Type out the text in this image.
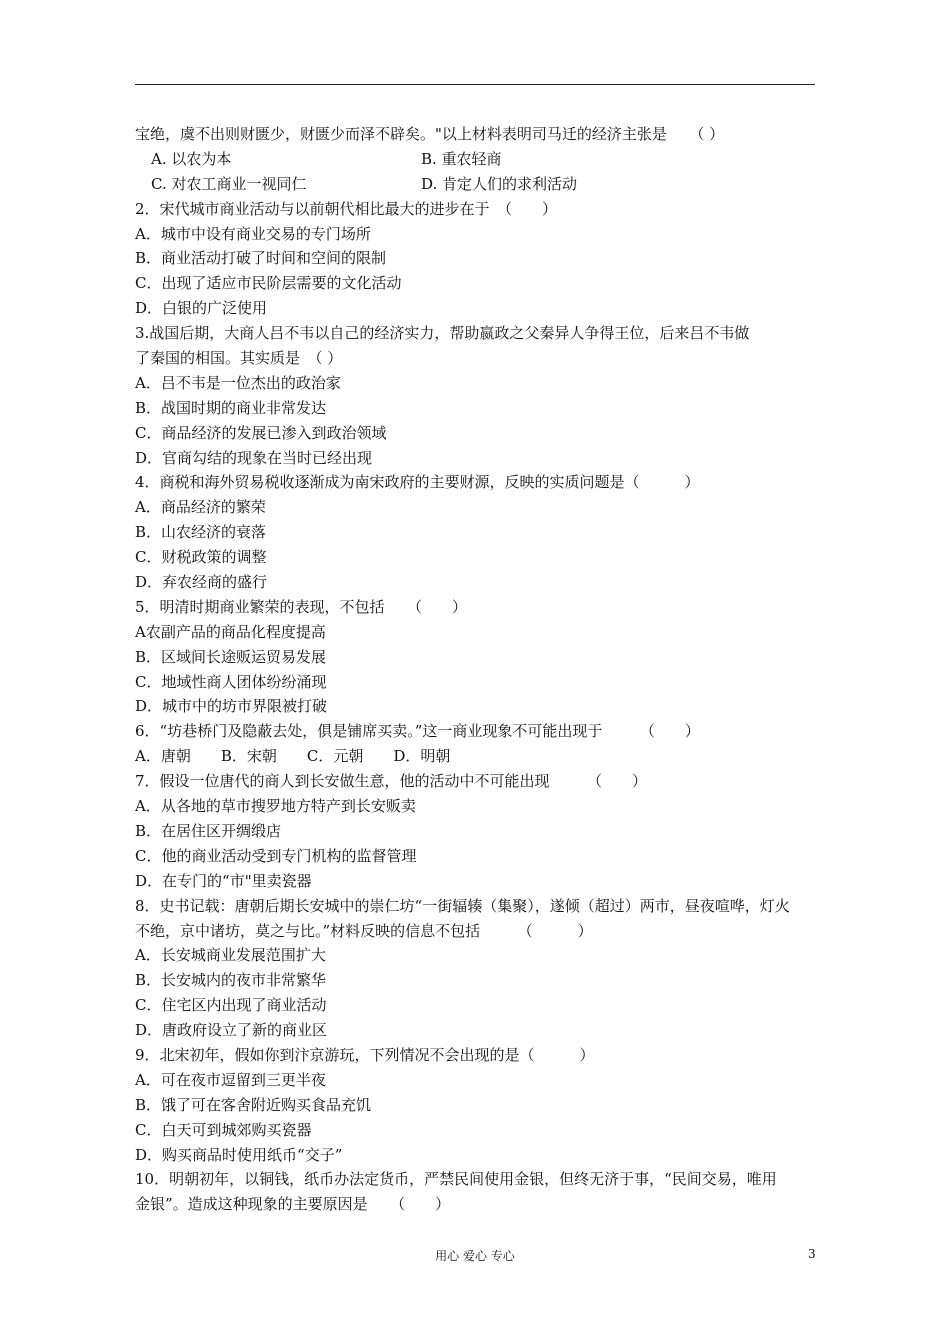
宝绝，虞不出则财匮少，财匮少而泽不辟矣。"以上材料表明司马迁的经济主张是　　（ ）
A. 以农为本	B. 重农轻商
C. 对农工商业一视同仁	D. 肯定人们的求利活动
2．宋代城市商业活动与以前朝代相比最大的进步在于　（　　）
A．城市中设有商业交易的专门场所
B．商业活动打破了时间和空间的限制
C．出现了适应市民阶层需要的文化活动
D．白银的广泛使用
3.战国后期，大商人吕不韦以自己的经济实力，帮助嬴政之父秦异人争得王位，后来吕不韦做
了秦国的相国。其实质是　（ ）
A．吕不韦是一位杰出的政治家
B．战国时期的商业非常发达
C．商品经济的发展已渗入到政治领域
D．官商勾结的现象在当时已经出现
4．商税和海外贸易税收逐渐成为南宋政府的主要财源，反映的实质问题是（　　　）
A．商品经济的繁荣
B．山农经济的衰落
C．财税政策的调整
D．弃农经商的盛行
5．明清时期商业繁荣的表现，不包括　　（　　）
A农副产品的商品化程度提高
B．区域间长途贩运贸易发展
C．地域性商人团体纷纷涌现
D．城市中的坊市界限被打破
6．“坊巷桥门及隐蔽去处，俱是铺席买卖。”这一商业现象不可能出现于　　　（　　）
A．唐朝　　B．宋朝　　C．元朝　　D．明朝
7．假设一位唐代的商人到长安做生意，他的活动中不可能出现　　　（　　）
A．从各地的草市搜罗地方特产到长安贩卖
B．在居住区开绸缎店
C．他的商业活动受到专门机构的监督管理
D．在专门的“市"里卖瓷器
8．史书记载：唐朝后期长安城中的崇仁坊“一街辐辏（集聚），遂倾（超过）两市，昼夜喧哗，灯火
不绝，京中诸坊，莫之与比。”材料反映的信息不包括　　　（　　　）
A．长安城商业发展范围扩大
B．长安城内的夜市非常繁华
C．住宅区内出现了商业活动
D．唐政府设立了新的商业区
9．北宋初年，假如你到汴京游玩，下列情况不会出现的是（　　　）
A．可在夜市逗留到三更半夜
B．饿了可在客舍附近购买食品充饥
C．白天可到城郊购买瓷器
D．购买商品时使用纸币“交子”
10．明朝初年，以铜钱，纸币办法定货币，严禁民间使用金银，但终无济于事，“民间交易，唯用
金银”。造成这种现象的主要原因是　　（　　）
用心 爱心 专心	3
